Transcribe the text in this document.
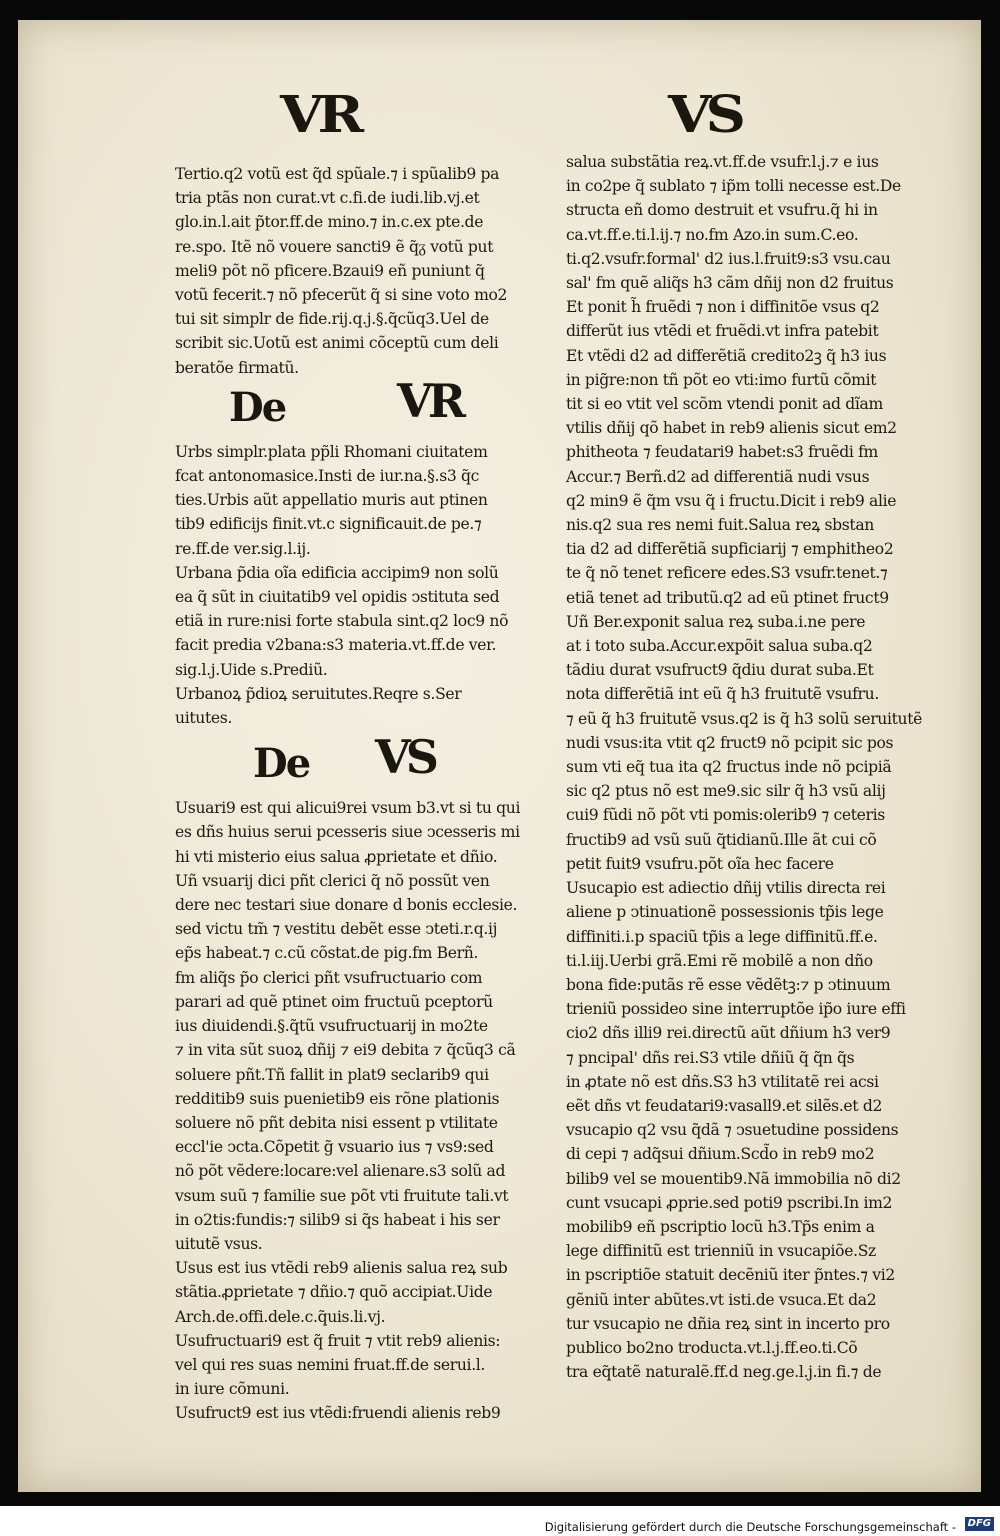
VR	VS

Tertio.q2 votũ est q̃d spũale.⁊ i spũalib9 pa

tria ptãs non curat.vt c.fi.de iudi.lib.vj.et

glo.in.l.ait p̃tor.ff.de mino.⁊ in.c.ex pte.de

re.spo. Itẽ nõ vouere sancti9 ẽ q̃ᵹ votũ put

meli9 põt nõ pficere.Bzaui9 eñ puniunt q̃

votũ fecerit.⁊ nõ pfecerũt q̃ si sine voto mo2

tui sit simplr de fide.rij.q.j.§.q̃cũq3.Uel de

scribit sic.Uotũ est animi cõceptũ cum deli

beratõe firmatũ.

De VR

Urbs simplr.plata pp̃li Rhomani ciuitatem

fcat antonomasice.Insti de iur.na.§.s3 q̃c

ties.Urbis aũt appellatio muris aut ptinen

tib9 edificijs finit.vt.c significauit.de pe.⁊

re.ff.de ver.sig.l.ij.

Urbana p̃dia oĩa edificia accipim9 non solũ

ea q̃ sũt in ciuitatib9 vel opidis ↄstituta sed

etiã in rure:nisi forte stabula sint.q2 loc9 nõ

facit predia v2bana:s3 materia.vt.ff.de ver.

sig.l.j.Uide s.Prediũ.

Urbanoꝝ p̃dioꝝ seruitutes.Reqre s.Ser

uitutes.

De VS

Usuari9 est qui alicui9rei vsum b3.vt si tu qui

es dñs huius serui pcesseris siue ↄcesseris mi

hi vti misterio eius salua ꝓprietate et dñio.

Uñ vsuarij dici pñt clerici q̃ nõ possũt ven

dere nec testari siue donare d bonis ecclesie.

sed victu tm̃ ⁊ vestitu debẽt esse ↄteti.r.q.ij

ep̃s habeat.⁊ c.cũ cõstat.de pig.fm Berñ.

fm aliq̃s p̃o clerici pñt vsufructuario com

parari ad quẽ ptinet oim fructuũ pceptorũ

ius diuidendi.§.q̃tũ vsufructuarij in mo2te

⁊ in vita sũt suoꝝ dñij ⁊ ei9 debita ⁊ q̃cũq3 cã

soluere pñt.Tñ fallit in plat9 seclarib9 qui

redditib9 suis puenietib9 eis rõne plationis

soluere nõ pñt debita nisi essent p vtilitate

eccl'ie ↄcta.Cõpetit g̃ vsuario ius ⁊ vs9:sed

nõ põt vẽdere:locare:vel alienare.s3 solũ ad

vsum suũ ⁊ familie sue põt vti fruitute tali.vt

in o2tis:fundis:⁊ silib9 si q̃s habeat i his ser

uitutẽ vsus.

Usus est ius vtẽdi reb9 alienis salua reꝝ sub

stãtia.ꝓprietate ⁊ dñio.⁊ quõ accipiat.Uide

Arch.de.offi.dele.c.q̃uis.li.vj.

Usufructuari9 est q̃ fruit ⁊ vtit reb9 alienis:

vel qui res suas nemini fruat.ff.de serui.l.

in iure cõmuni.

Usufruct9 est ius vtẽdi:fruendi alienis reb9

salua substãtia reꝝ.vt.ff.de vsufr.l.j.⁊ e ius

in co2pe q̃ sublato ⁊ ip̃m tolli necesse est.De

structa eñ domo destruit et vsufru.q̃ hi in

ca.vt.ff.e.ti.l.ij.⁊ no.fm Azo.in sum.C.eo.

ti.q2.vsufr.formal' d2 ius.l.fruit9:s3 vsu.cau

sal' fm quẽ aliq̃s h3 cãm dñij non d2 fruitus

Et ponit h̃ fruẽdi ⁊ non i diffinitõe vsus q2

differũt ius vtẽdi et fruẽdi.vt infra patebit

Et vtẽdi d2 ad differẽtiã credito2ꝫ q̃ h3 ius

in pig̃re:non tñ põt eo vti:imo furtũ cõmit

tit si eo vtit vel scõm vtendi ponit ad dĩam

vtilis dñij qõ habet in reb9 alienis sicut em2

phitheota ⁊ feudatari9 habet:s3 fruẽdi fm

Accur.⁊ Berñ.d2 ad differentiã nudi vsus

q2 min9 ẽ q̃m vsu q̃ i fructu.Dicit i reb9 alie

nis.q2 sua res nemi fuit.Salua reꝝ sbstan

tia d2 ad differẽtiã supficiarij ⁊ emphitheo2

te q̃ nõ tenet reficere edes.S3 vsufr.tenet.⁊

etiã tenet ad tributũ.q2 ad eũ ptinet fruct9

Uñ Ber.exponit salua reꝝ suba.i.ne pere

at i toto suba.Accur.expõit salua suba.q2

tãdiu durat vsufruct9 q̃diu durat suba.Et

nota differẽtiã int eũ q̃ h3 fruitutẽ vsufru.

⁊ eũ q̃ h3 fruitutẽ vsus.q2 is q̃ h3 solũ seruitutẽ

nudi vsus:ita vtit q2 fruct9 nõ pcipit sic pos

sum vti eq̃ tua ita q2 fructus inde nõ pcipiã

sic q2 ptus nõ est me9.sic silr q̃ h3 vsũ alij

cui9 fũdi nõ põt vti pomis:olerib9 ⁊ ceteris

fructib9 ad vsũ suũ q̃tidianũ.Ille ãt cui cõ

petit fuit9 vsufru.põt oĩa hec facere

Usucapio est adiectio dñij vtilis directa rei

aliene p ↄtinuationẽ possessionis tp̃is lege

diffiniti.i.p spaciũ tp̃is a lege diffinitũ.ff.e.

ti.l.iij.Uerbi grã.Emi rẽ mobilẽ a non dño

bona fide:putãs rẽ esse vẽdẽtꝫ:⁊ p ↄtinuum

trieniũ possideo sine interruptõe ip̃o iure effi

cio2 dñs illi9 rei.directũ aũt dñium h3 ver9

⁊ pncipal' dñs rei.S3 vtile dñiũ q̃ q̃n q̃s

in ꝓtate nõ est dñs.S3 h3 vtilitatẽ rei acsi

eẽt dñs vt feudatari9:vasall9.et silẽs.et d2

vsucapio q2 vsu q̃dã ⁊ ↄsuetudine possidens

di cepi ⁊ adq̃sui dñium.Scd̃o in reb9 mo2

bilib9 vel se mouentib9.Nã immobilia nõ di2

cunt vsucapi ꝓprie.sed poti9 pscribi.In im2

mobilib9 eñ pscriptio locũ h3.Tp̃s enim a

lege diffinitũ est trienniũ in vsucapiõe.Sz

in pscriptiõe statuit decẽniũ iter p̃ntes.⁊ vi2

gẽniũ inter abũtes.vt isti.de vsuca.Et da2

tur vsucapio ne dñia reꝝ sint in incerto pro

publico bo2no troducta.vt.l.j.ff.eo.ti.Cõ

tra eq̃tatẽ naturalẽ.ff.d neg.ge.l.j.in fi.⁊ de

Digitalisierung gefördert durch die Deutsche Forschungsgemeinschaft -	DFG
